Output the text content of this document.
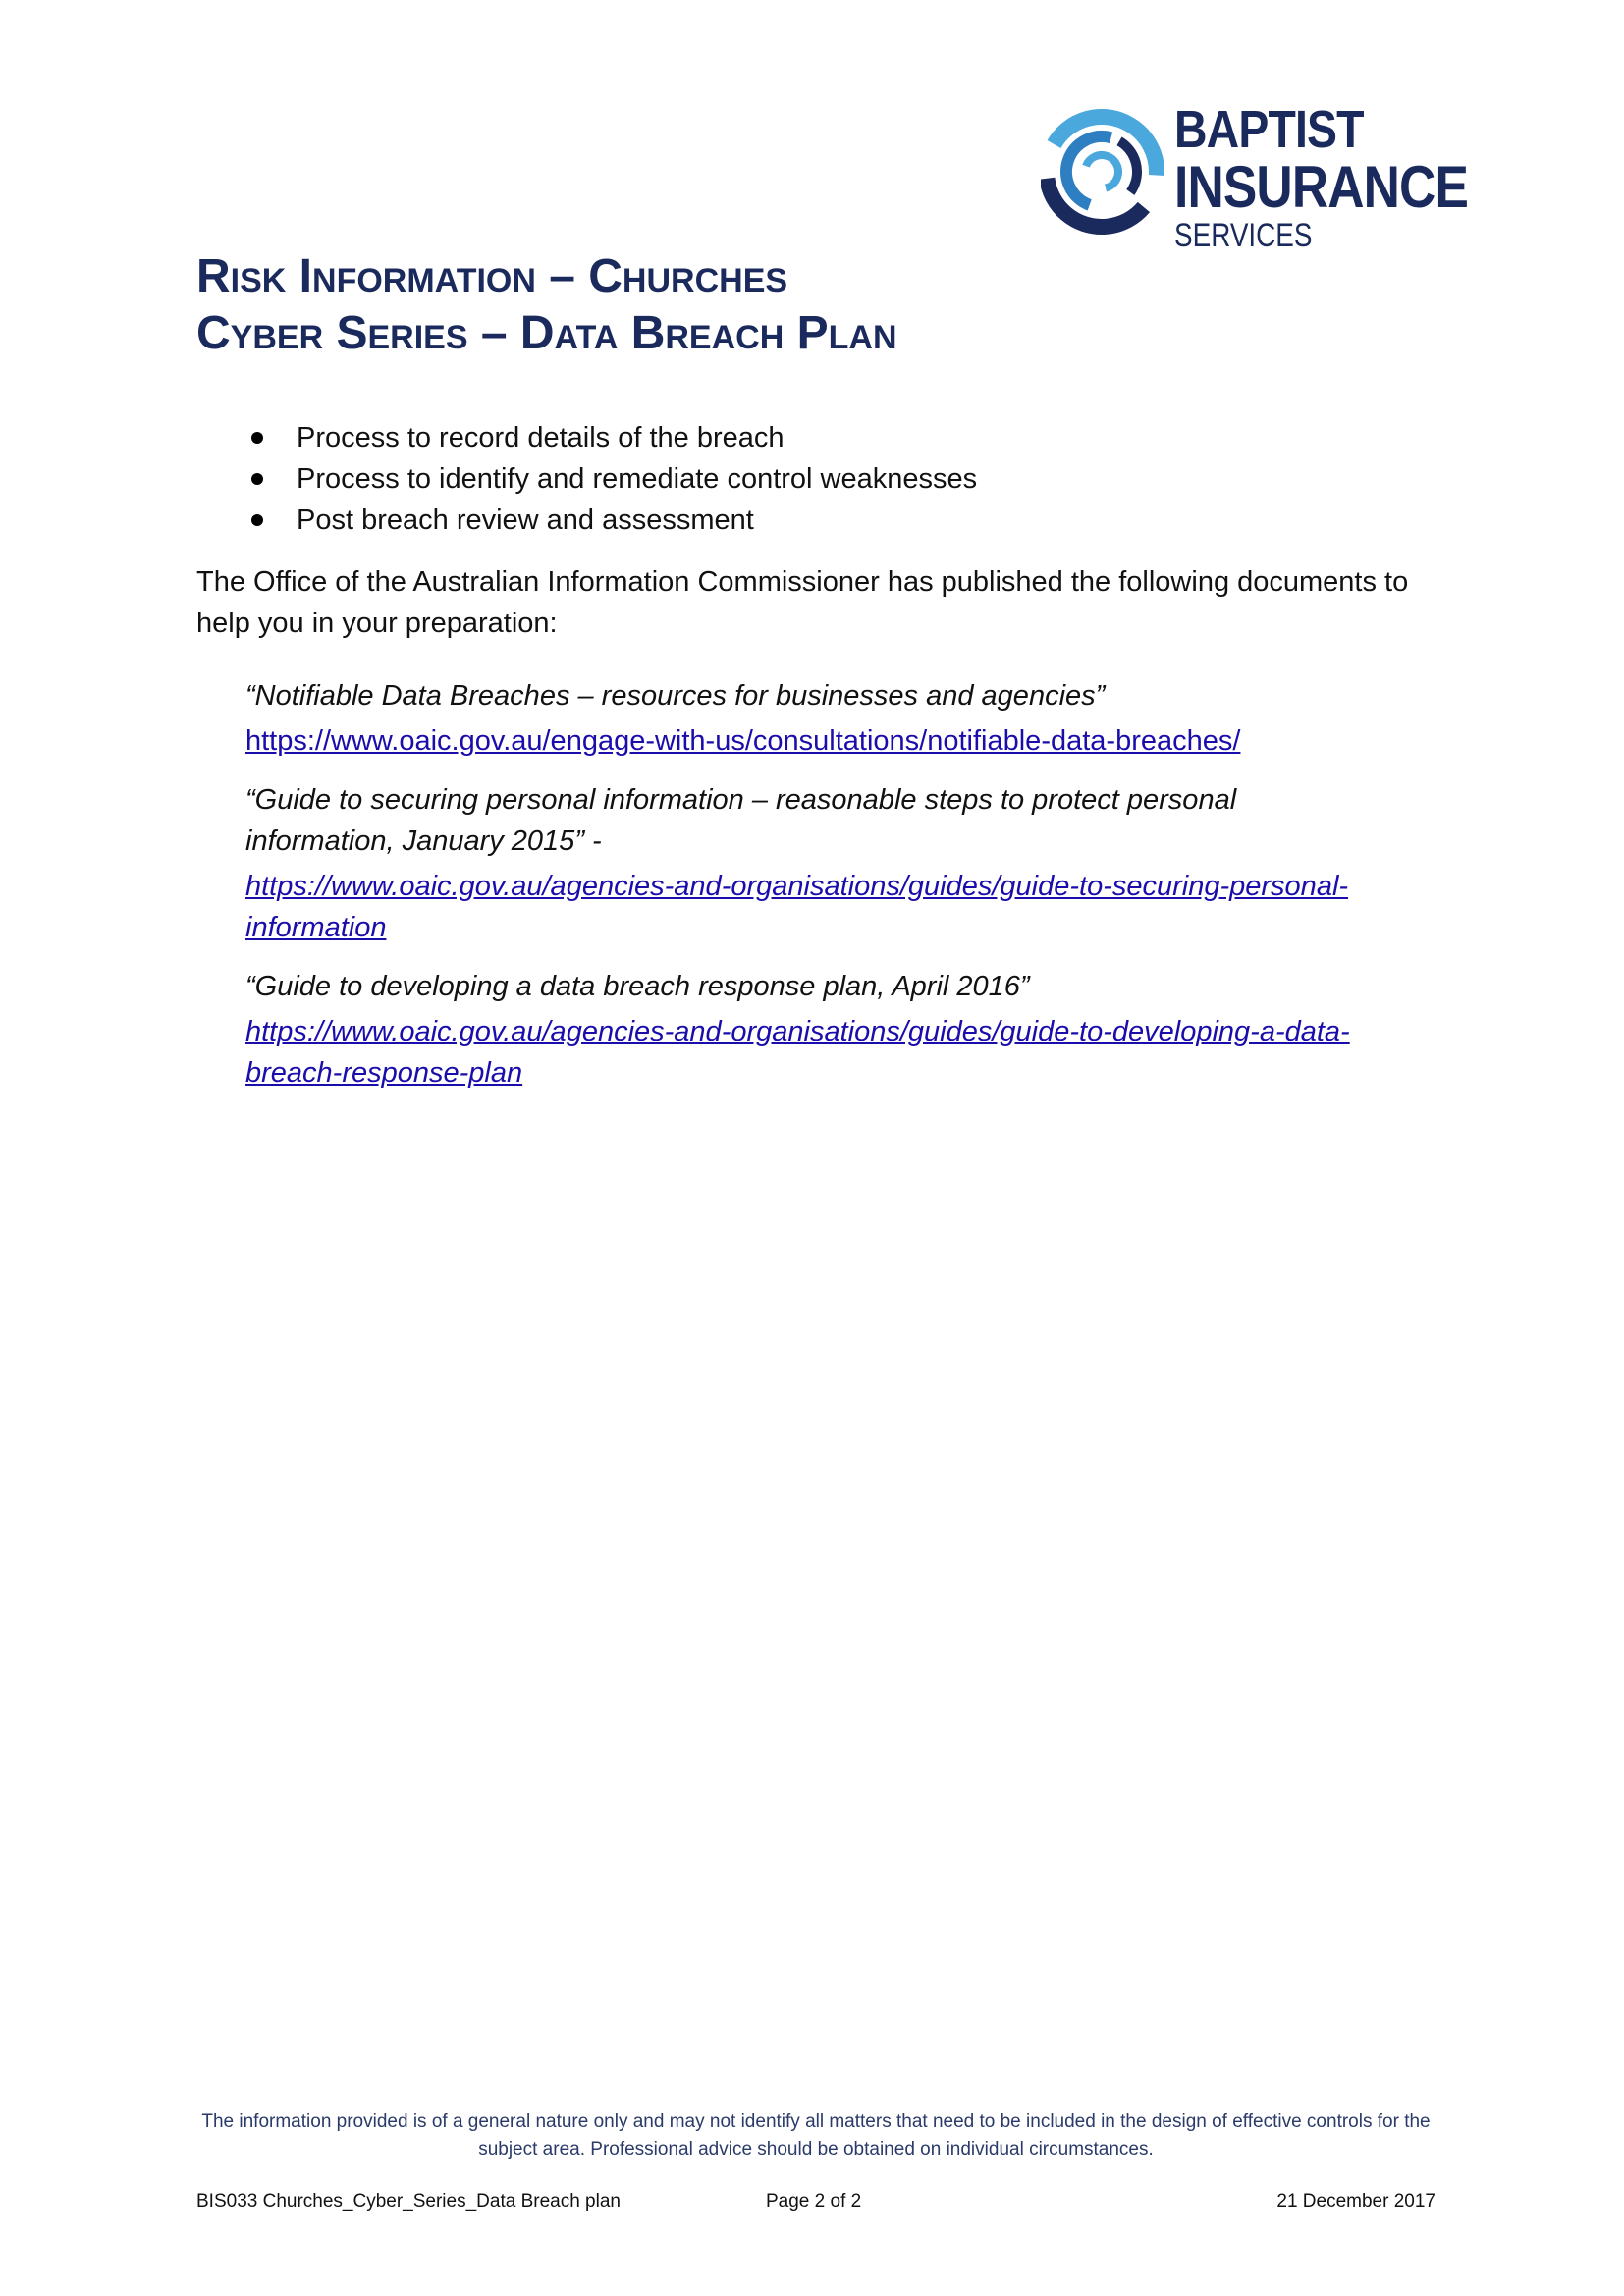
BAPTIST
INSURANCE
SERVICES
Risk Information – Churches
Cyber Series – Data Breach Plan
Process to record details of the breach
Process to identify and remediate control weaknesses
Post breach review and assessment
The Office of the Australian Information Commissioner has published the following documents to help you in your preparation:
“Notifiable Data Breaches – resources for businesses and agencies”
https://www.oaic.gov.au/engage-with-us/consultations/notifiable-data-breaches/
“Guide to securing personal information – reasonable steps to protect personal information, January 2015” -
https://www.oaic.gov.au/agencies-and-organisations/guides/guide-to-securing-personal-information
“Guide to developing a data breach response plan, April 2016”
https://www.oaic.gov.au/agencies-and-organisations/guides/guide-to-developing-a-data-breach-response-plan
The information provided is of a general nature only and may not identify all matters that need to be included in the design of effective controls for the subject area. Professional advice should be obtained on individual circumstances.
BIS033 Churches_Cyber_Series_Data Breach plan	Page 2 of 2	21 December 2017
